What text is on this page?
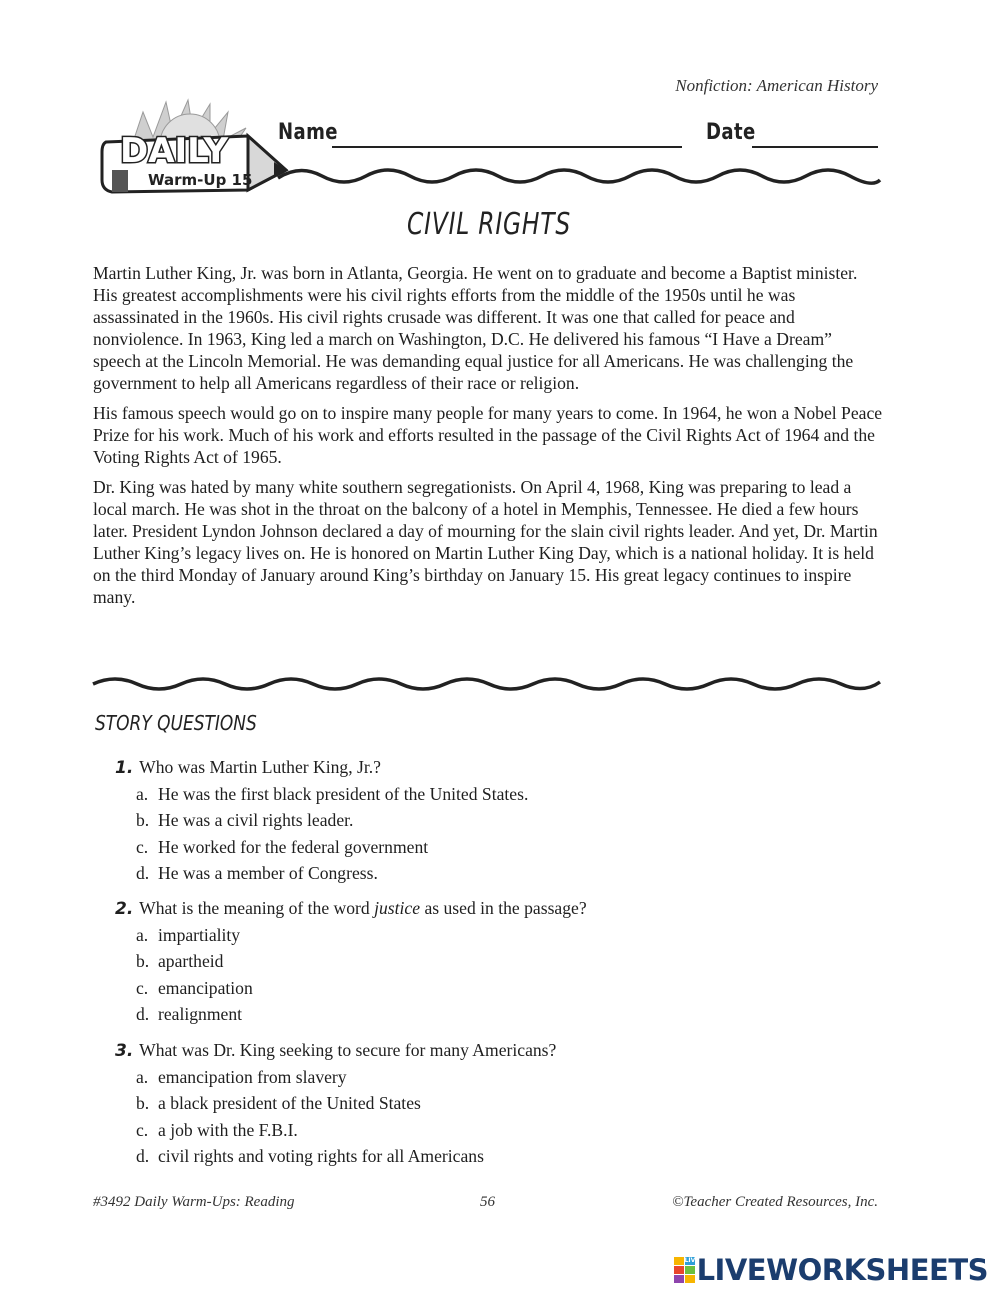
Nonfiction: American History
DAILY
Warm-Up 15
Name	Date
CIVIL RIGHTS

Martin Luther King, Jr. was born in Atlanta, Georgia. He went on to graduate and become a Baptist minister. His greatest accomplishments were his civil rights efforts from the middle of the 1950s until he was assassinated in the 1960s. His civil rights crusade was different. It was one that called for peace and nonviolence. In 1963, King led a march on Washington, D.C. He delivered his famous “I Have a Dream” speech at the Lincoln Memorial. He was demanding equal justice for all Americans. He was challenging the government to help all Americans regardless of their race or religion.

His famous speech would go on to inspire many people for many years to come. In 1964, he won a Nobel Peace Prize for his work. Much of his work and efforts resulted in the passage of the Civil Rights Act of 1964 and the Voting Rights Act of 1965.

Dr. King was hated by many white southern segregationists. On April 4, 1968, King was preparing to lead a local march. He was shot in the throat on the balcony of a hotel in Memphis, Tennessee. He died a few hours later. President Lyndon Johnson declared a day of mourning for the slain civil rights leader. And yet, Dr. Martin Luther King’s legacy lives on. He is honored on Martin Luther King Day, which is a national holiday. It is held on the third Monday of January around King’s birthday on January 15. His great legacy continues to inspire many.

STORY QUESTIONS
1. Who was Martin Luther King, Jr.?
a. He was the first black president of the United States.
b. He was a civil rights leader.
c. He worked for the federal government
d. He was a member of Congress.
2. What is the meaning of the word justice as used in the passage?
a. impartiality
b. apartheid
c. emancipation
d. realignment
3. What was Dr. King seeking to secure for many Americans?
a. emancipation from slavery
b. a black president of the United States
c. a job with the F.B.I.
d. civil rights and voting rights for all Americans
#3492 Daily Warm-Ups: Reading	56	©Teacher Created Resources, Inc.
LIVE
LIVEWORKSHEETS
